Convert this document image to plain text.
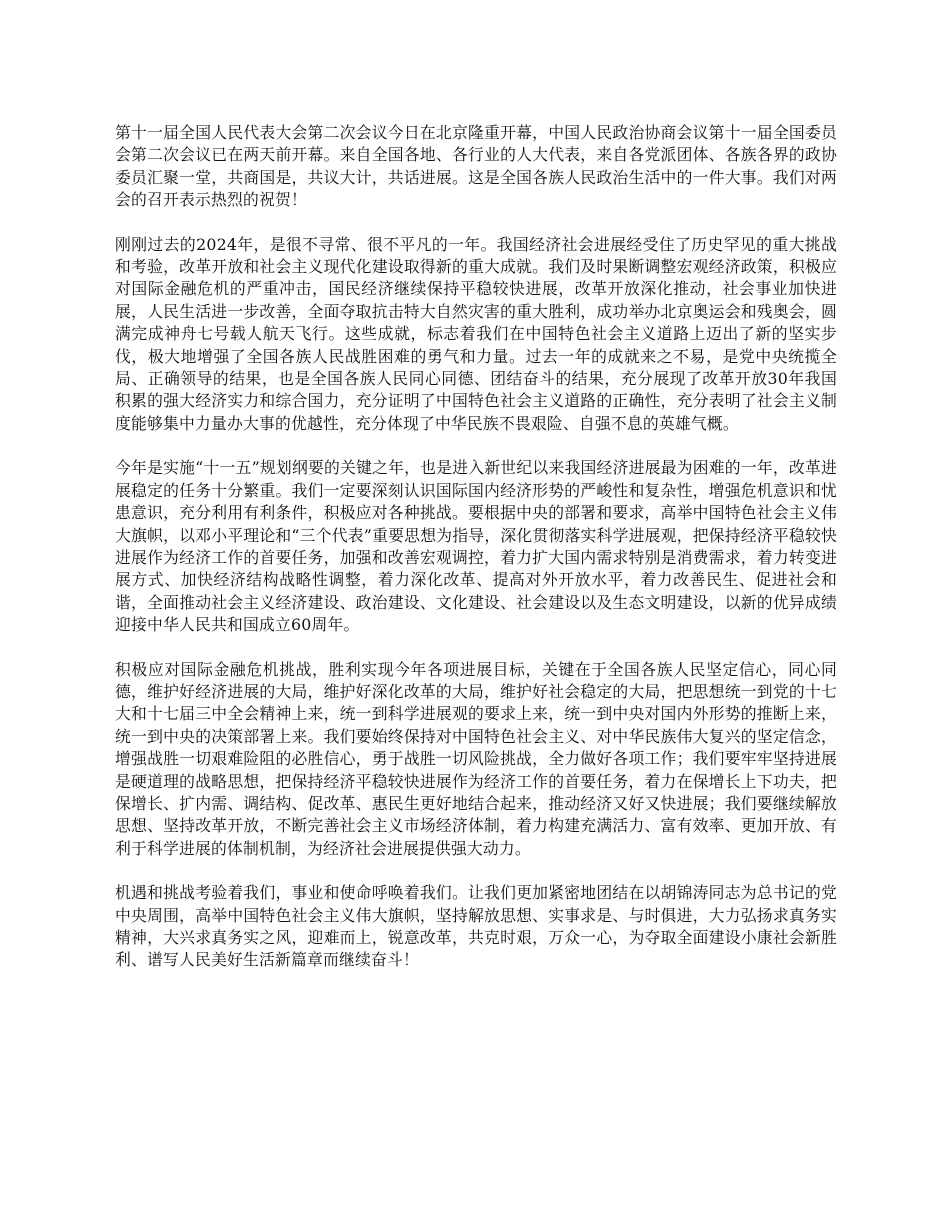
第十一届全国人民代表大会第二次会议今日在北京隆重开幕，中国人民政治协商会议第十一届全国委员会第二次会议已在两天前开幕。来自全国各地、各行业的人大代表，来自各党派团体、各族各界的政协委员汇聚一堂，共商国是，共议大计，共话进展。这是全国各族人民政治生活中的一件大事。我们对两会的召开表示热烈的祝贺！

刚刚过去的2024年，是很不寻常、很不平凡的一年。我国经济社会进展经受住了历史罕见的重大挑战和考验，改革开放和社会主义现代化建设取得新的重大成就。我们及时果断调整宏观经济政策，积极应对国际金融危机的严重冲击，国民经济继续保持平稳较快进展，改革开放深化推动，社会事业加快进展，人民生活进一步改善，全面夺取抗击特大自然灾害的重大胜利，成功举办北京奥运会和残奥会，圆满完成神舟七号载人航天飞行。这些成就，标志着我们在中国特色社会主义道路上迈出了新的坚实步伐，极大地增强了全国各族人民战胜困难的勇气和力量。过去一年的成就来之不易，是党中央统揽全局、正确领导的结果，也是全国各族人民同心同德、团结奋斗的结果，充分展现了改革开放30年我国积累的强大经济实力和综合国力，充分证明了中国特色社会主义道路的正确性，充分表明了社会主义制度能够集中力量办大事的优越性，充分体现了中华民族不畏艰险、自强不息的英雄气概。

今年是实施“十一五”规划纲要的关键之年，也是进入新世纪以来我国经济进展最为困难的一年，改革进展稳定的任务十分繁重。我们一定要深刻认识国际国内经济形势的严峻性和复杂性，增强危机意识和忧患意识，充分利用有利条件，积极应对各种挑战。要根据中央的部署和要求，高举中国特色社会主义伟大旗帜，以邓小平理论和“三个代表”重要思想为指导，深化贯彻落实科学进展观，把保持经济平稳较快进展作为经济工作的首要任务，加强和改善宏观调控，着力扩大国内需求特别是消费需求，着力转变进展方式、加快经济结构战略性调整，着力深化改革、提高对外开放水平，着力改善民生、促进社会和谐，全面推动社会主义经济建设、政治建设、文化建设、社会建设以及生态文明建设，以新的优异成绩迎接中华人民共和国成立60周年。

积极应对国际金融危机挑战，胜利实现今年各项进展目标，关键在于全国各族人民坚定信心，同心同德，维护好经济进展的大局，维护好深化改革的大局，维护好社会稳定的大局，把思想统一到党的十七大和十七届三中全会精神上来，统一到科学进展观的要求上来，统一到中央对国内外形势的推断上来，统一到中央的决策部署上来。我们要始终保持对中国特色社会主义、对中华民族伟大复兴的坚定信念，增强战胜一切艰难险阻的必胜信心，勇于战胜一切风险挑战，全力做好各项工作；我们要牢牢坚持进展是硬道理的战略思想，把保持经济平稳较快进展作为经济工作的首要任务，着力在保增长上下功夫，把保增长、扩内需、调结构、促改革、惠民生更好地结合起来，推动经济又好又快进展；我们要继续解放思想、坚持改革开放，不断完善社会主义市场经济体制，着力构建充满活力、富有效率、更加开放、有利于科学进展的体制机制，为经济社会进展提供强大动力。

机遇和挑战考验着我们，事业和使命呼唤着我们。让我们更加紧密地团结在以胡锦涛同志为总书记的党中央周围，高举中国特色社会主义伟大旗帜，坚持解放思想、实事求是、与时俱进，大力弘扬求真务实精神，大兴求真务实之风，迎难而上，锐意改革，共克时艰，万众一心，为夺取全面建设小康社会新胜利、谱写人民美好生活新篇章而继续奋斗！
